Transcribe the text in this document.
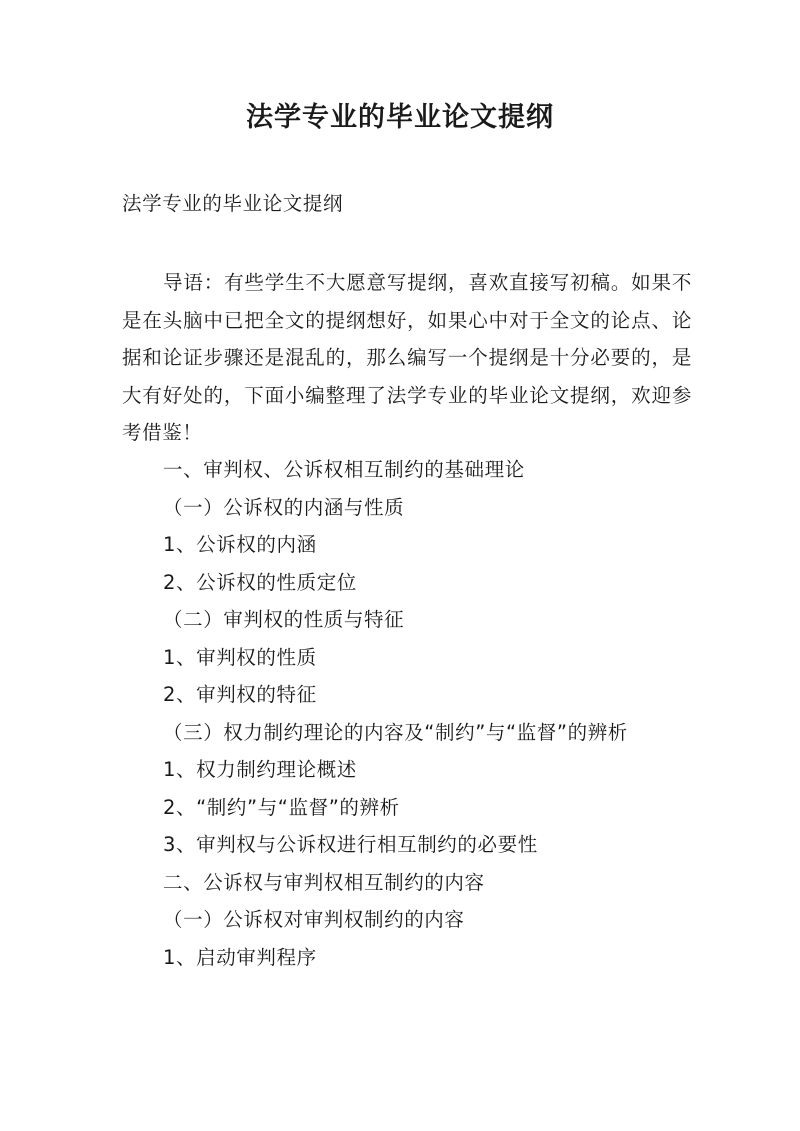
法学专业的毕业论文提纲

法学专业的毕业论文提纲

导语：有些学生不大愿意写提纲，喜欢直接写初稿。如果不是在头脑中已把全文的提纲想好，如果心中对于全文的论点、论据和论证步骤还是混乱的，那么编写一个提纲是十分必要的，是大有好处的，下面小编整理了法学专业的毕业论文提纲，欢迎参考借鉴！

一、审判权、公诉权相互制约的基础理论
（一）公诉权的内涵与性质
1、公诉权的内涵
2、公诉权的性质定位
（二）审判权的性质与特征
1、审判权的性质
2、审判权的特征
（三）权力制约理论的内容及“制约”与“监督”的辨析
1、权力制约理论概述
2、“制约”与“监督”的辨析
3、审判权与公诉权进行相互制约的必要性
二、公诉权与审判权相互制约的内容
（一）公诉权对审判权制约的内容
1、启动审判程序
